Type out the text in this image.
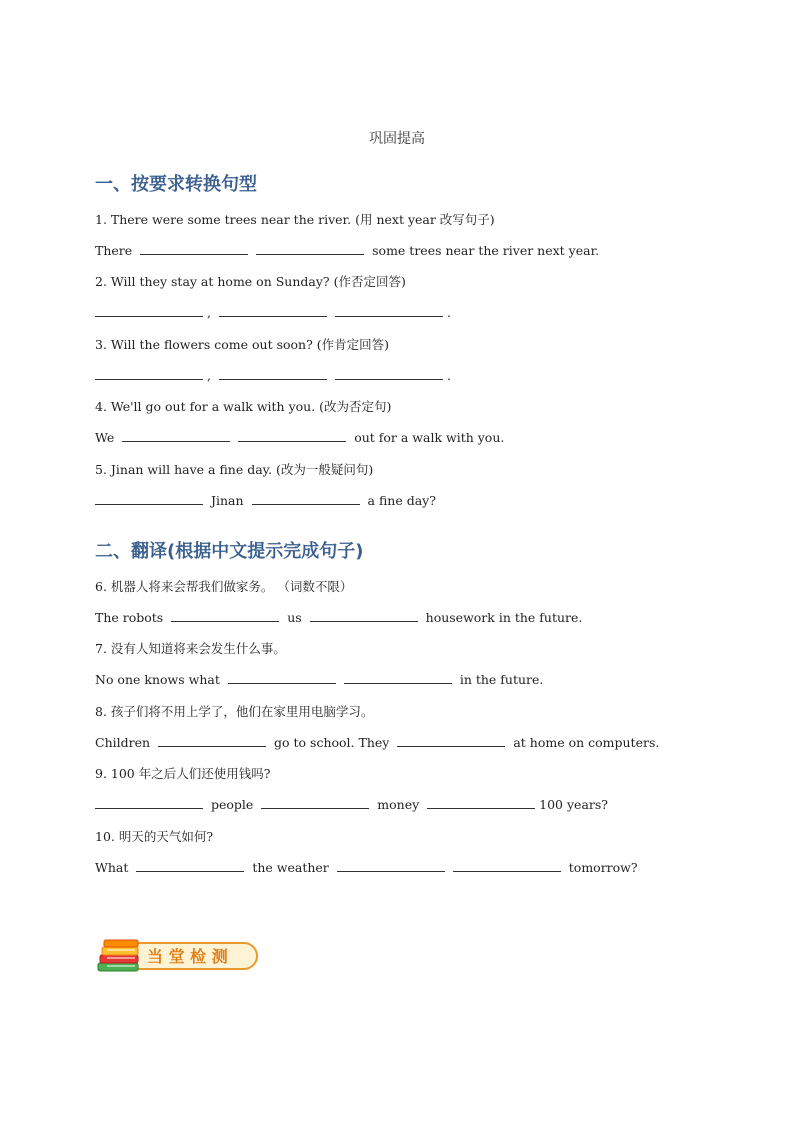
巩固提高
一、按要求转换句型
1. There were some trees near the river. (用 next year 改写句子)
There	some trees near the river next year.
2. Will they stay at home on Sunday? (作否定回答)
,	.
3. Will the flowers come out soon? (作肯定回答)
,	.
4. We'll go out for a walk with you. (改为否定句)
We	out for a walk with you.
5. Jinan will have a fine day. (改为一般疑问句)
Jinan	a fine day?
二、翻译(根据中文提示完成句子)
6. 机器人将来会帮我们做家务。 （词数不限）
The robots	us	housework in the future.
7. 没有人知道将来会发生什么事。
No one knows what	in the future.
8. 孩子们将不用上学了，他们在家里用电脑学习。
Children	go to school. They	at home on computers.
9. 100 年之后人们还使用钱吗?
people	money	100 years?
10. 明天的天气如何?
What	the weather	tomorrow?
当 堂 检 测
